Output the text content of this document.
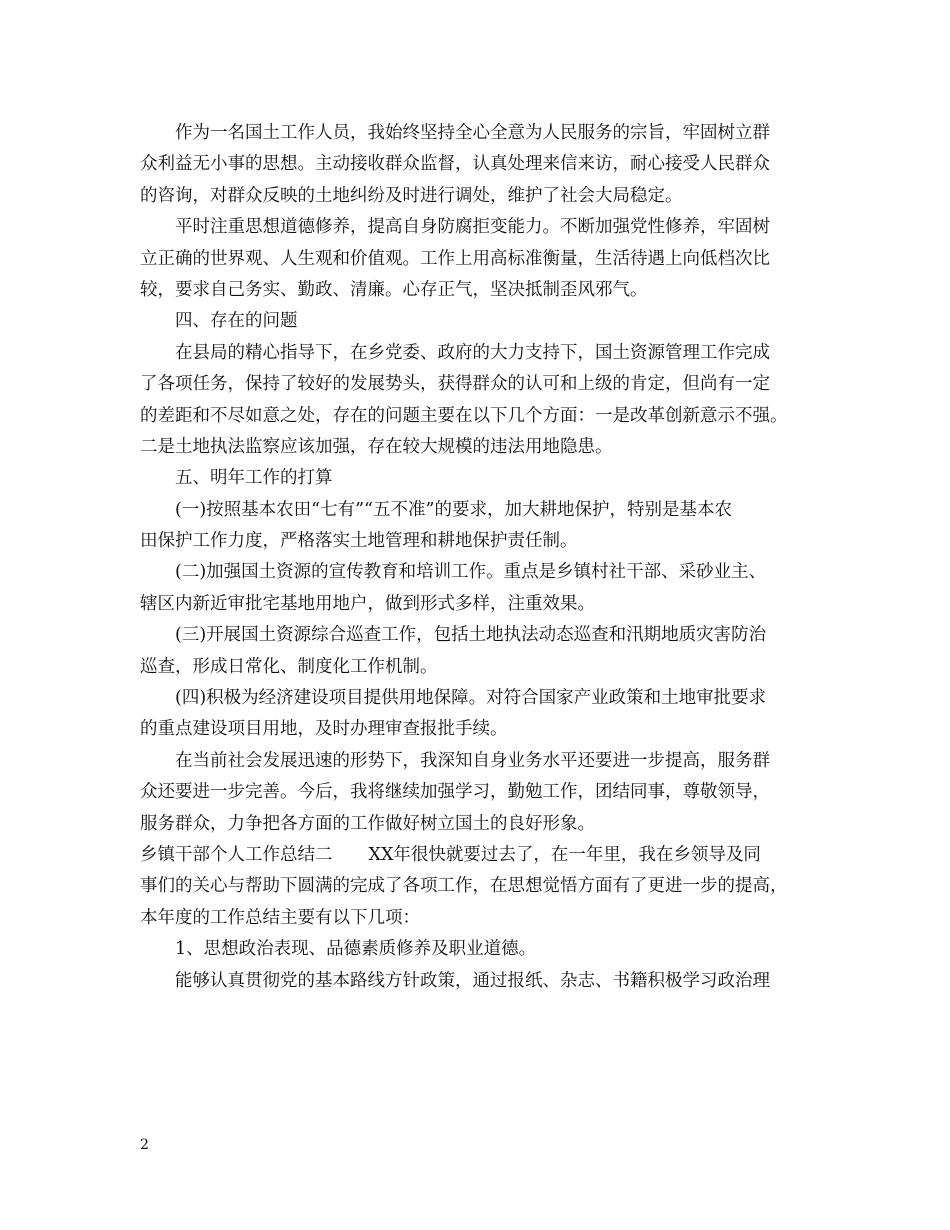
作为一名国土工作人员，我始终坚持全心全意为人民服务的宗旨，牢固树立群
众利益无小事的思想。主动接收群众监督，认真处理来信来访，耐心接受人民群众
的咨询，对群众反映的土地纠纷及时进行调处，维护了社会大局稳定。
平时注重思想道德修养，提高自身防腐拒变能力。不断加强党性修养，牢固树
立正确的世界观、人生观和价值观。工作上用高标准衡量，生活待遇上向低档次比
较，要求自己务实、勤政、清廉。心存正气，坚决抵制歪风邪气。
四、存在的问题
在县局的精心指导下，在乡党委、政府的大力支持下，国土资源管理工作完成
了各项任务，保持了较好的发展势头，获得群众的认可和上级的肯定，但尚有一定
的差距和不尽如意之处，存在的问题主要在以下几个方面：一是改革创新意示不强。
二是土地执法监察应该加强，存在较大规模的违法用地隐患。
五、明年工作的打算
(一)按照基本农田“七有”“五不准”的要求，加大耕地保护，特别是基本农
田保护工作力度，严格落实土地管理和耕地保护责任制。
(二)加强国土资源的宣传教育和培训工作。重点是乡镇村社干部、采砂业主、
辖区内新近审批宅基地用地户，做到形式多样，注重效果。
(三)开展国土资源综合巡查工作，包括土地执法动态巡查和汛期地质灾害防治
巡查，形成日常化、制度化工作机制。
(四)积极为经济建设项目提供用地保障。对符合国家产业政策和土地审批要求
的重点建设项目用地，及时办理审查报批手续。
在当前社会发展迅速的形势下，我深知自身业务水平还要进一步提高，服务群
众还要进一步完善。今后，我将继续加强学习，勤勉工作，团结同事，尊敬领导，
服务群众，力争把各方面的工作做好树立国土的良好形象。
乡镇干部个人工作总结二 XX年很快就要过去了，在一年里，我在乡领导及同
事们的关心与帮助下圆满的完成了各项工作，在思想觉悟方面有了更进一步的提高，
本年度的工作总结主要有以下几项：
1、思想政治表现、品德素质修养及职业道德。
能够认真贯彻党的基本路线方针政策，通过报纸、杂志、书籍积极学习政治理
2
